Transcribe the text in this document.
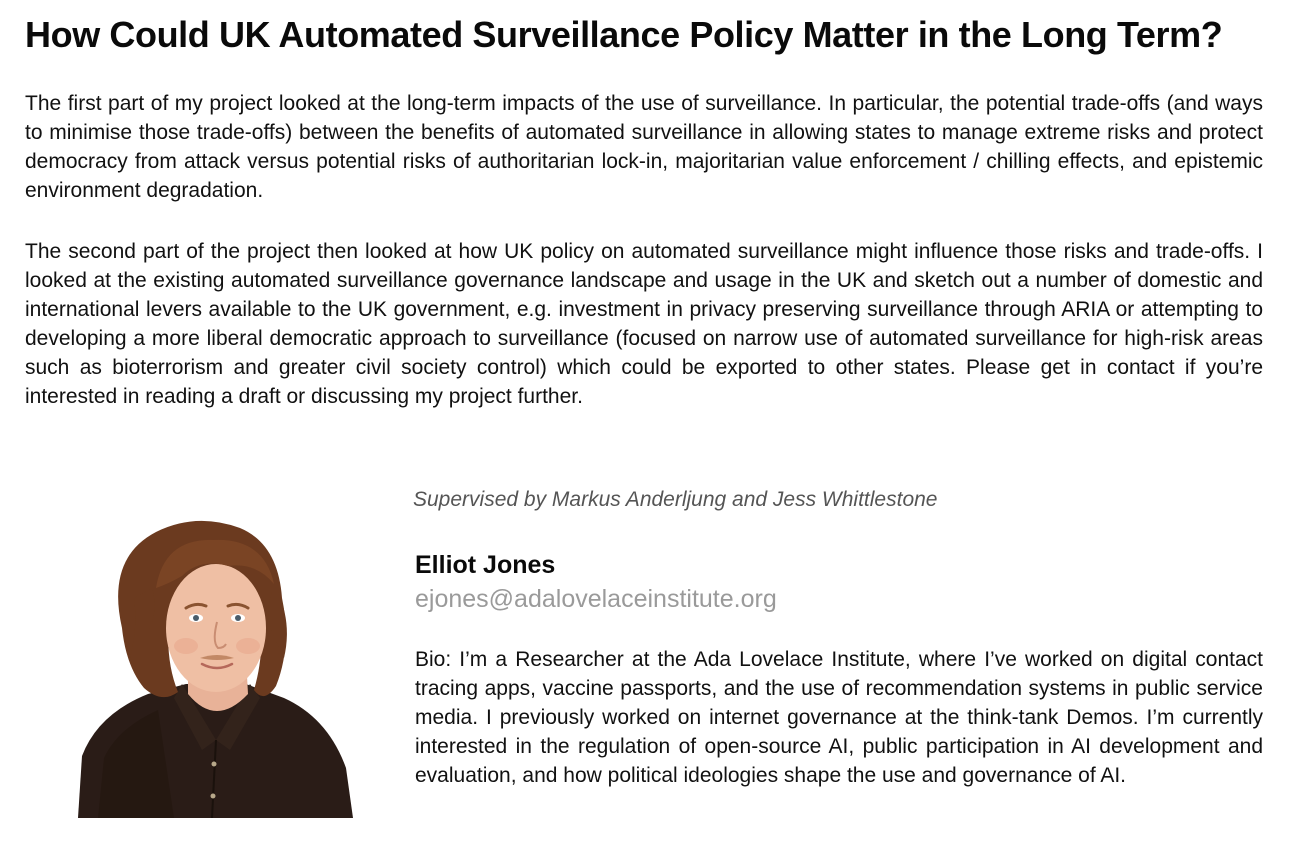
How Could UK Automated Surveillance Policy Matter in the Long Term?

The first part of my project looked at the long-term impacts of the use of surveillance. In particular, the potential trade-offs (and ways to minimise those trade-offs) between the benefits of automated surveillance in allowing states to manage extreme risks and protect democracy from attack versus potential risks of authoritarian lock-in, majoritarian value enforcement / chilling effects, and epistemic environment degradation.

The second part of the project then looked at how UK policy on automated surveillance might influence those risks and trade-offs. I looked at the existing automated surveillance governance landscape and usage in the UK and sketch out a number of domestic and international levers available to the UK government, e.g. investment in privacy preserving surveillance through ARIA or attempting to developing a more liberal democratic approach to surveillance (focused on narrow use of automated surveillance for high-risk areas such as bioterrorism and greater civil society control) which could be exported to other states. Please get in contact if you’re interested in reading a draft or discussing my project further.

Supervised by Markus Anderljung and Jess Whittlestone

Elliot Jones

ejones@adalovelaceinstitute.org

Bio: I’m a Researcher at the Ada Lovelace Institute, where I’ve worked on digital contact tracing apps, vaccine passports, and the use of recommendation systems in public service media. I previously worked on internet governance at the think-tank Demos. I’m currently interested in the regulation of open-source AI, public participation in AI development and evaluation, and how political ideologies shape the use and governance of AI.
